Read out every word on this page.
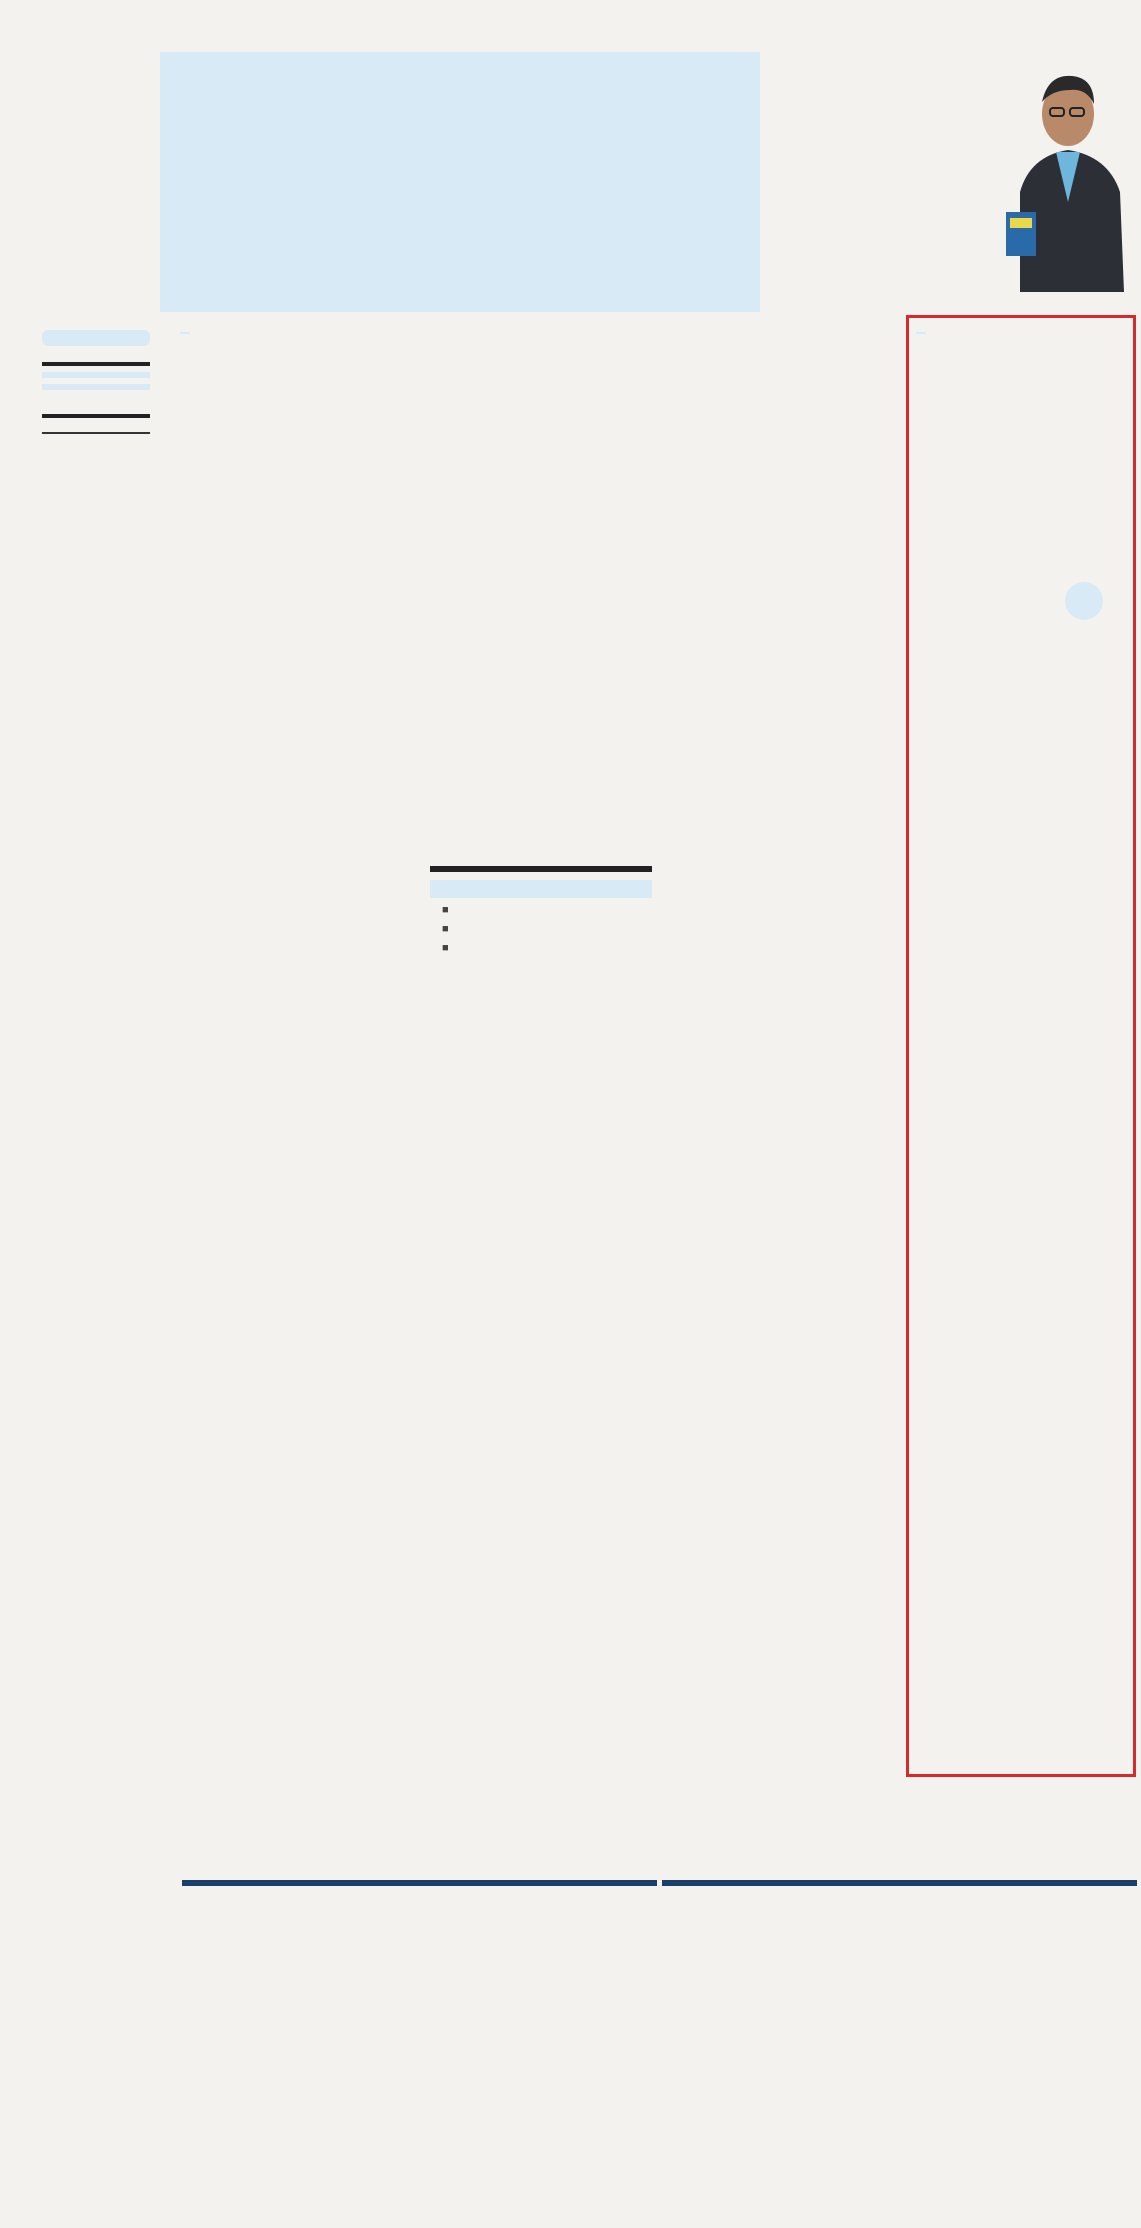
■
■
■
